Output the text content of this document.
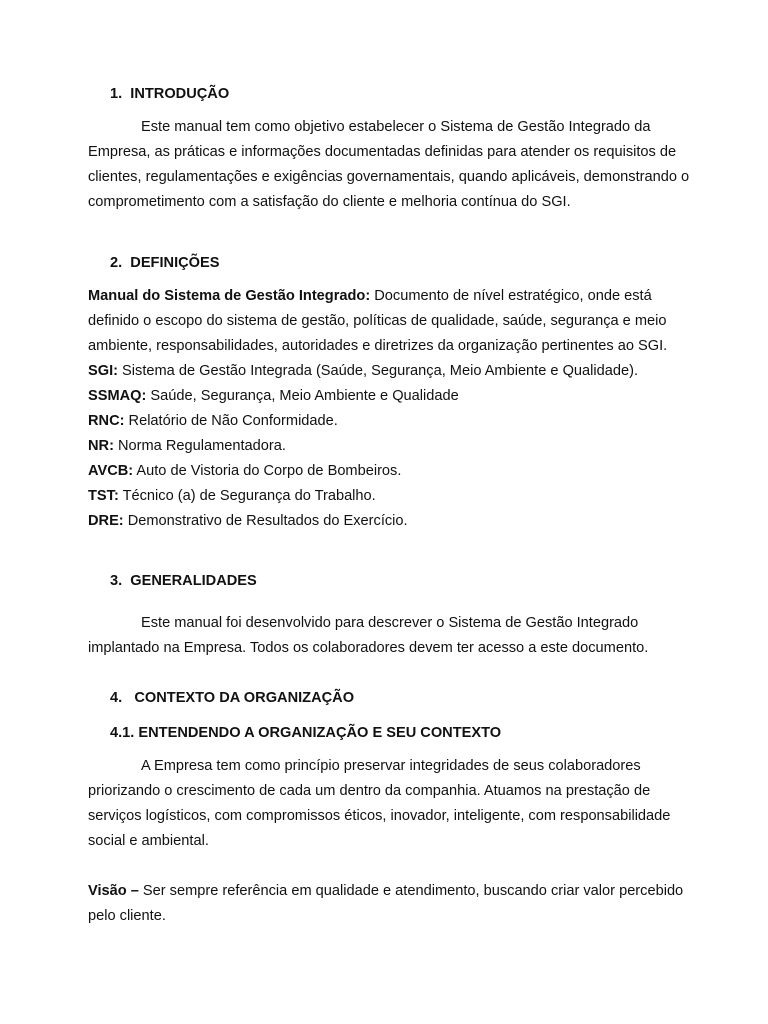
1. INTRODUÇÃO
Este manual tem como objetivo estabelecer o Sistema de Gestão Integrado da
Empresa, as práticas e informações documentadas definidas para atender os requisitos de
clientes, regulamentações e exigências governamentais, quando aplicáveis, demonstrando o
comprometimento com a satisfação do cliente e melhoria contínua do SGI.
2. DEFINIÇÕES
Manual do Sistema de Gestão Integrado: Documento de nível estratégico, onde está
definido o escopo do sistema de gestão, políticas de qualidade, saúde, segurança e meio
ambiente, responsabilidades, autoridades e diretrizes da organização pertinentes ao SGI.
SGI: Sistema de Gestão Integrada (Saúde, Segurança, Meio Ambiente e Qualidade).
SSMAQ: Saúde, Segurança, Meio Ambiente e Qualidade
RNC: Relatório de Não Conformidade.
NR: Norma Regulamentadora.
AVCB: Auto de Vistoria do Corpo de Bombeiros.
TST: Técnico (a) de Segurança do Trabalho.
DRE: Demonstrativo de Resultados do Exercício.
3. GENERALIDADES
Este manual foi desenvolvido para descrever o Sistema de Gestão Integrado
implantado na Empresa. Todos os colaboradores devem ter acesso a este documento.
4. CONTEXTO DA ORGANIZAÇÃO
4.1. ENTENDENDO A ORGANIZAÇÃO E SEU CONTEXTO
A Empresa tem como princípio preservar integridades de seus colaboradores
priorizando o crescimento de cada um dentro da companhia. Atuamos na prestação de
serviços logísticos, com compromissos éticos, inovador, inteligente, com responsabilidade
social e ambiental.
Visão – Ser sempre referência em qualidade e atendimento, buscando criar valor percebido
pelo cliente.
